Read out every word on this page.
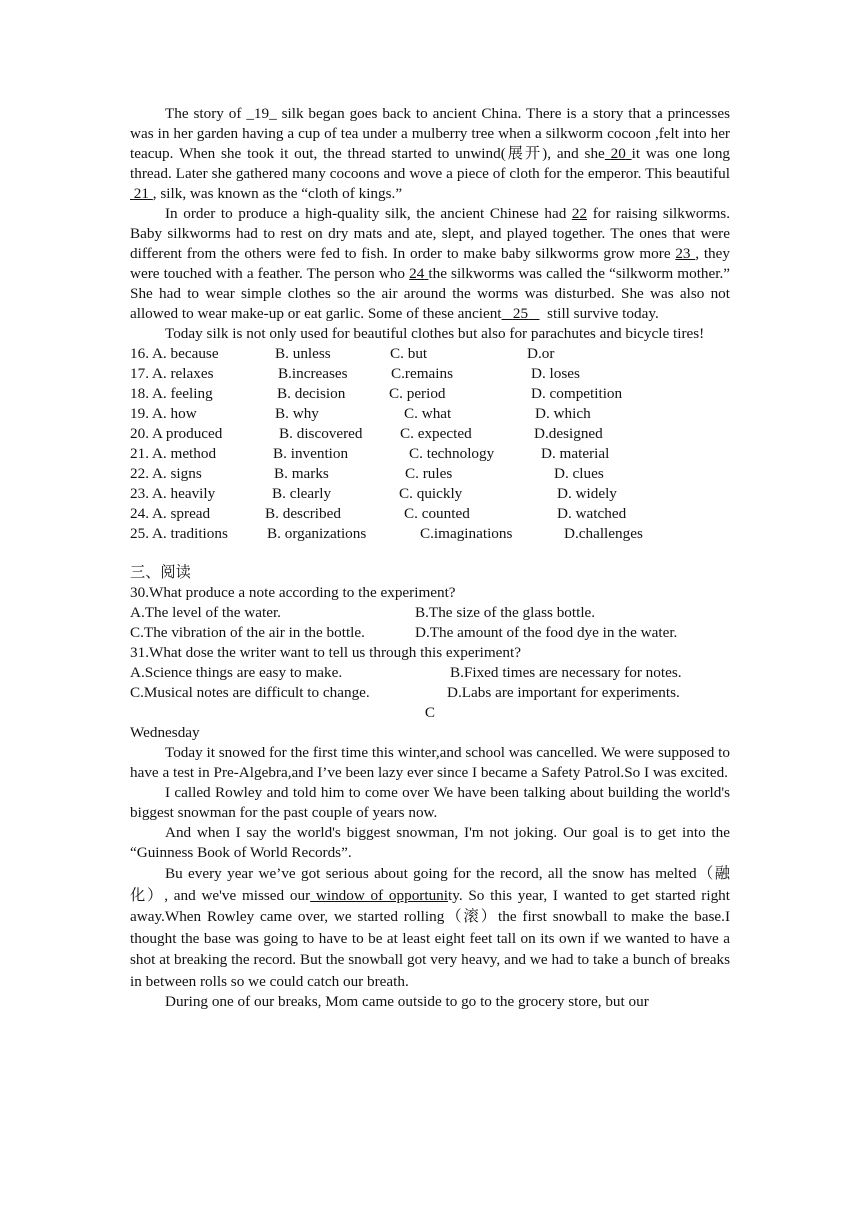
The story of _19_ silk began goes back to ancient China. There is a story that a princesses was in her garden having a cup of tea under a mulberry tree when a silkworm cocoon ,felt into her teacup. When she took it out, the thread started to unwind(展开), and she 20 it was one long thread. Later she gathered many cocoons and wove a piece of cloth for the emperor. This beautiful  21 , silk, was known as the “cloth of kings.”

In order to produce a high-quality silk, the ancient Chinese had 22 for raising silkworms. Baby silkworms had to rest on dry mats and ate, slept, and played together. The ones that were different from the others were fed to fish. In order to make baby silkworms grow more 23 , they were touched with a feather. The person who 24 the silkworms was called the “silkworm mother.” She had to wear simple clothes so the air around the worms was disturbed. She was also not allowed to wear make-up or eat garlic. Some of these ancient 25 still survive today.

Today silk is not only used for beautiful clothes but also for parachutes and bicycle tires!

16. A. because	B. unless	C. but	D.or
17. A. relaxes	B.increases	C.remains	D. loses
18. A. feeling	B. decision	C. period	D. competition
19. A. how	B. why	C. what	D. which
20. A produced	B. discovered C. expected	D.designed
21. A. method	B. invention	C. technology	D. material
22. A. signs	B. marks	C. rules	D. clues
23. A. heavily	B. clearly	C. quickly	D. widely
24. A. spread	B. described	C. counted	D. watched
25. A. traditions	B. organizations	C.imaginations	D.challenges

三、阅读

30.What produce a note according to the experiment?

A.The level of the water.	B.The size of the glass bottle.
C.The vibration of the air in the bottle.	D.The amount of the food dye in the water.

31.What dose the writer want to tell us through this experiment?

A.Science things are easy to make.	B.Fixed times are necessary for notes.
C.Musical notes are difficult to change.	D.Labs are important for experiments.

C

Wednesday

Today it snowed for the first time this winter,and school was cancelled. We were supposed to have a test in Pre-Algebra,and I’ve been lazy ever since I became a Safety Patrol.So I was excited.

I called Rowley and told him to come over We have been talking about building the world's biggest snowman for the past couple of years now.

And when I say the world's biggest snowman, I'm not joking. Our goal is to get into the “Guinness Book of World Records”.

Bu every year we’ve got serious about going for the record, all the snow has melted（融化）, and we've missed our window of opportunity. So this year, I wanted to get started right away.When Rowley came over, we started rolling（滚）the first snowball to make the base.I thought the base was going to have to be at least eight feet tall on its own if we wanted to have a shot at breaking the record. But the snowball got very heavy, and we had to take a bunch of breaks in between rolls so we could catch our breath.

During one of our breaks, Mom came outside to go to the grocery store, but our
